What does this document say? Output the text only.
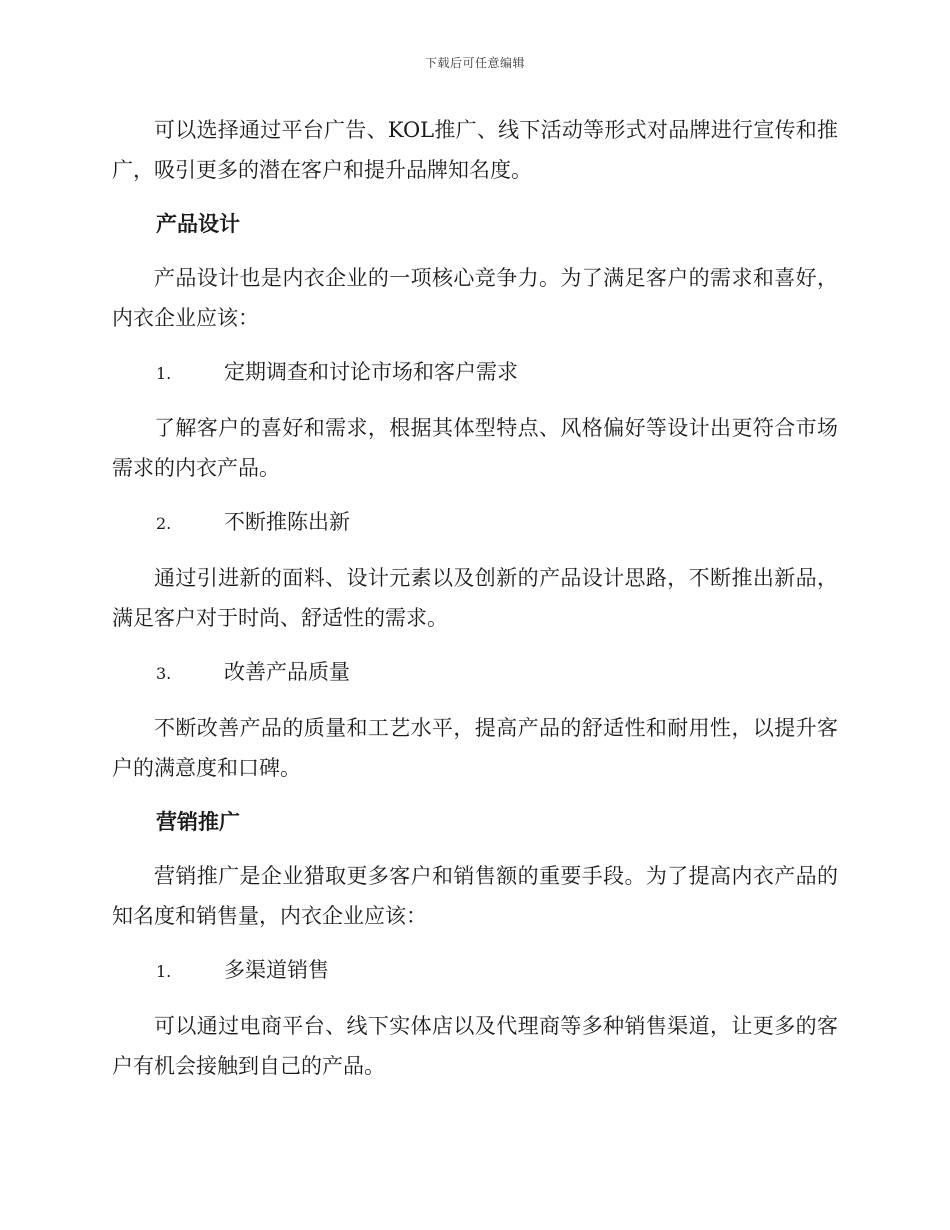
下载后可任意编辑

可以选择通过平台广告、KOL推广、线下活动等形式对品牌进行宣传和推广，吸引更多的潜在客户和提升品牌知名度。

产品设计

产品设计也是内衣企业的一项核心竞争力。为了满足客户的需求和喜好，内衣企业应该：

1.	定期调查和讨论市场和客户需求

了解客户的喜好和需求，根据其体型特点、风格偏好等设计出更符合市场需求的内衣产品。

2.	不断推陈出新

通过引进新的面料、设计元素以及创新的产品设计思路，不断推出新品，满足客户对于时尚、舒适性的需求。

3.	改善产品质量

不断改善产品的质量和工艺水平，提高产品的舒适性和耐用性，以提升客户的满意度和口碑。

营销推广

营销推广是企业猎取更多客户和销售额的重要手段。为了提高内衣产品的知名度和销售量，内衣企业应该：

1.	多渠道销售

可以通过电商平台、线下实体店以及代理商等多种销售渠道，让更多的客户有机会接触到自己的产品。
